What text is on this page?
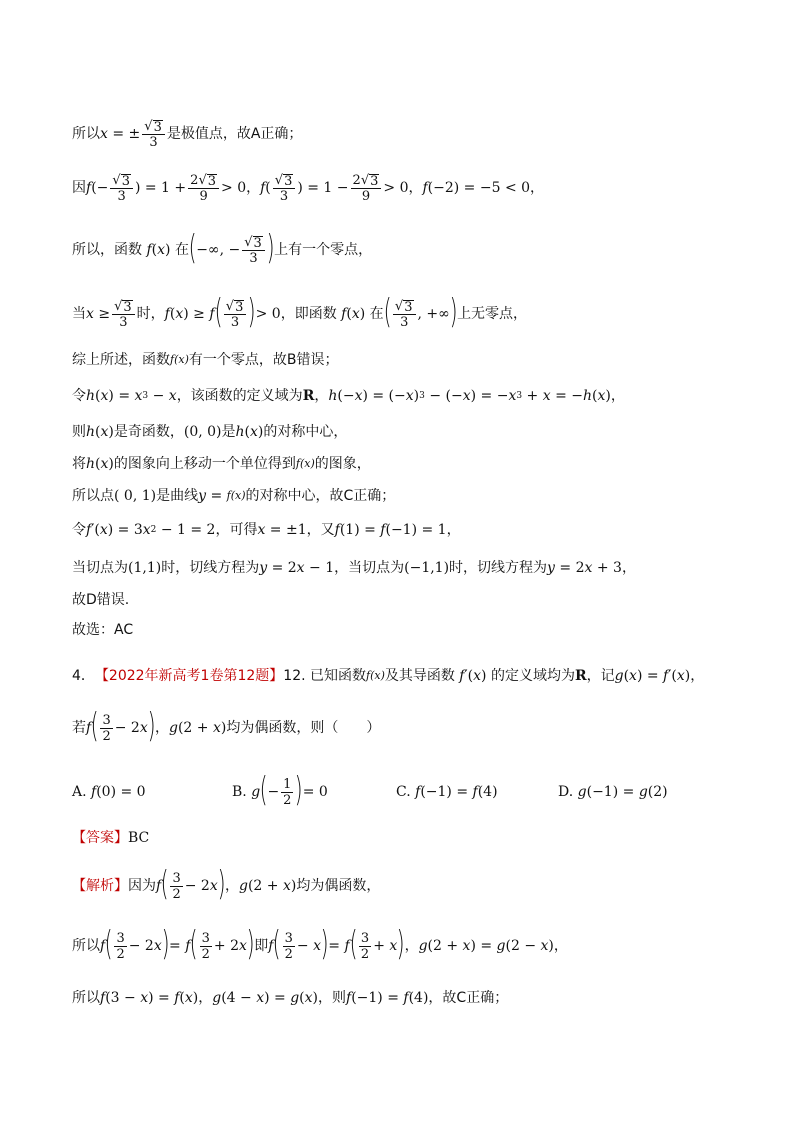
所以 x = ± $\frac{√ 3}{3}$ 是极值点，故A正确；
因 f (− $\frac{√ 3}{3}$ ) = $1 + \frac{2 √ 3}{9} > 0$ ， f ( $\frac{√ 3}{3}$ ) = $1 - \frac{2 √ 3}{9} > 0$ ， f (−2) = −5 < 0，
所以，函数 f ( x ) 在 ( −∞, − $\frac{√ 3}{3}$ ) 上有一个零点，
当 $x \ge \frac{√ 3}{3}$ 时， f ( x ) ≥ f ( $\frac{√ 3}{3}$ ) > 0 ，即函数 f ( x ) 在 ( $\frac{√ 3}{3}$ , +∞ ) 上无零点，
综上所述，函数 f(x) 有一个零点，故B错误；
令 h ( x ) = x 3 − x ，该函数的定义域为 R ， h (− x ) = (− x ) 3 − (− x ) = − x 3 + x = − h ( x )，
则 h ( x ) 是奇函数， (0, 0) 是 h ( x ) 的对称中心，
将 h ( x ) 的图象向上移动一个单位得到 f(x) 的图象，
所以点 ( 0, 1) 是曲线 y = f(x) 的对称中心，故C正确；
令 f ′( x ) = 3 x 2 − 1 = 2 ，可得 x = ±1 ，又 f (1) = f (−1) = 1 ，
当切点为 (1,1) 时，切线方程为 y = 2 x − 1 ，当切点为 (−1,1) 时，切线方程为 y = 2 x + 3 ，
故D错误.
故选：AC
4． 【2022年新高考1卷第12题】 12. 已知函数 f(x) 及其导函数 f ′( x ) 的定义域均为 R ，记 g ( x ) = f ′( x ) ，
若 f ( $\frac{3}{2} - 2$ x ) ， g (2 + x ) 均为偶函数，则（　　）
A. f (0) = 0	B. g ( − $\frac{1}{2}$ ) = 0	C. f (−1) = f (4)	D. g (−1) = g (2)
【答案】 BC
【解析】 因为 f ( $\frac{3}{2} - 2$ x ) ， g (2 + x ) 均为偶函数，
所以 f ( $\frac{3}{2} - 2$ x ) = f ( $\frac{3}{2} + 2$ x ) 即 f ( $\frac{3}{2} - x$ ) = f ( $\frac{3}{2} + x$ ) ， g (2 + x ) = g (2 − x ) ，
所以 f (3 − x ) = f ( x ) ， g (4 − x ) = g ( x ) ，则 f (−1) = f (4) ，故C正确；
